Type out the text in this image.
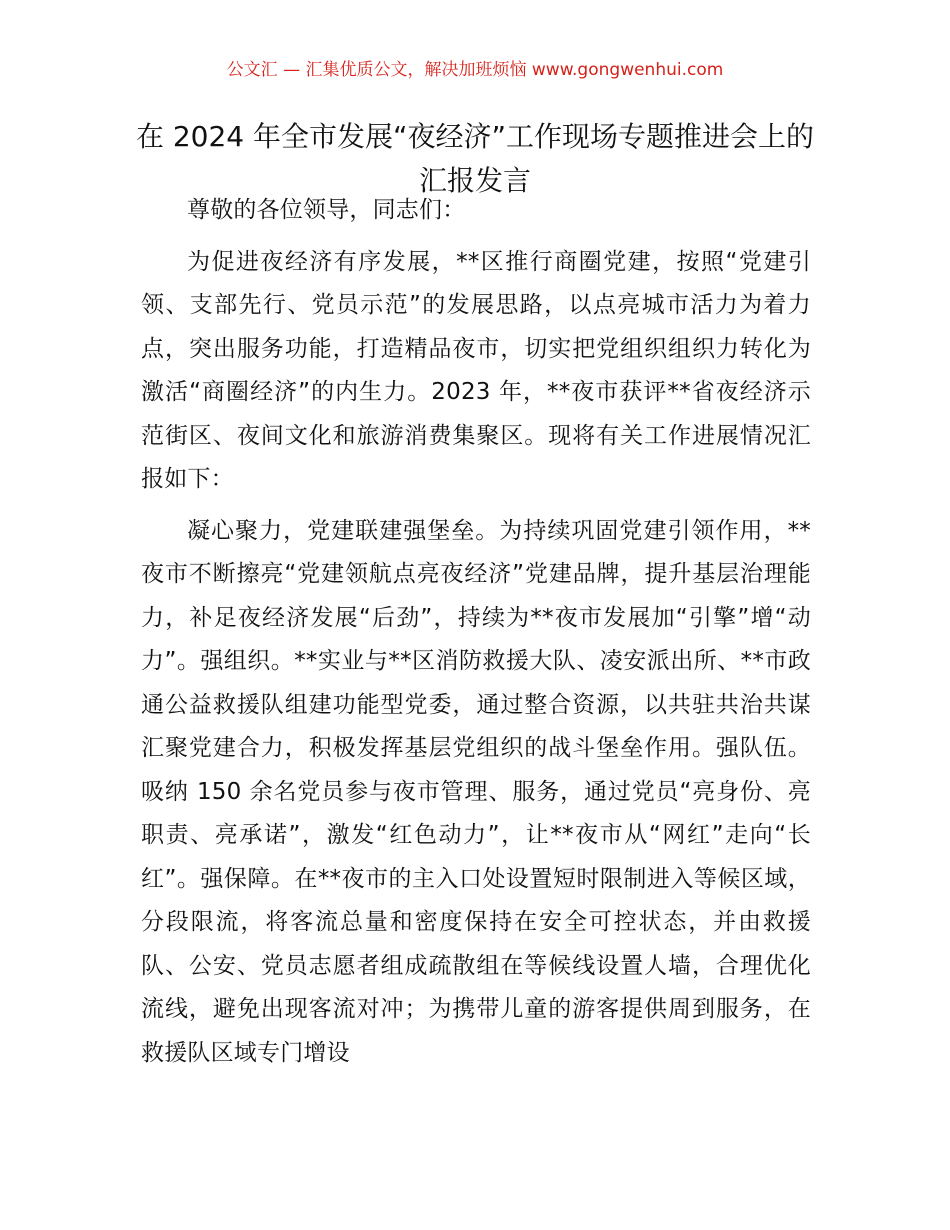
公文汇 — 汇集优质公文，解决加班烦恼 www.gongwenhui.com
在 2024 年全市发展“夜经济”工作现场专题推进会上的汇报发言

尊敬的各位领导，同志们：

为促进夜经济有序发展，**区推行商圈党建，按照“党建引领、支部先行、党员示范”的发展思路，以点亮城市活力为着力点，突出服务功能，打造精品夜市，切实把党组织组织力转化为激活“商圈经济”的内生力。2023 年，**夜市获评**省夜经济示范街区、夜间文化和旅游消费集聚区。现将有关工作进展情况汇报如下：

凝心聚力，党建联建强堡垒。为持续巩固党建引领作用，**夜市不断擦亮“党建领航点亮夜经济”党建品牌，提升基层治理能力，补足夜经济发展“后劲”，持续为**夜市发展加“引擎”增“动力”。强组织。**实业与**区消防救援大队、凌安派出所、**市政通公益救援队组建功能型党委，通过整合资源，以共驻共治共谋汇聚党建合力，积极发挥基层党组织的战斗堡垒作用。强队伍。吸纳 150 余名党员参与夜市管理、服务，通过党员“亮身份、亮职责、亮承诺”，激发“红色动力”，让**夜市从“网红”走向“长红”。强保障。在**夜市的主入口处设置短时限制进入等候区域，分段限流，将客流总量和密度保持在安全可控状态，并由救援队、公安、党员志愿者组成疏散组在等候线设置人墙，合理优化流线，避免出现客流对冲；为携带儿童的游客提供周到服务，在救援队区域专门增设
